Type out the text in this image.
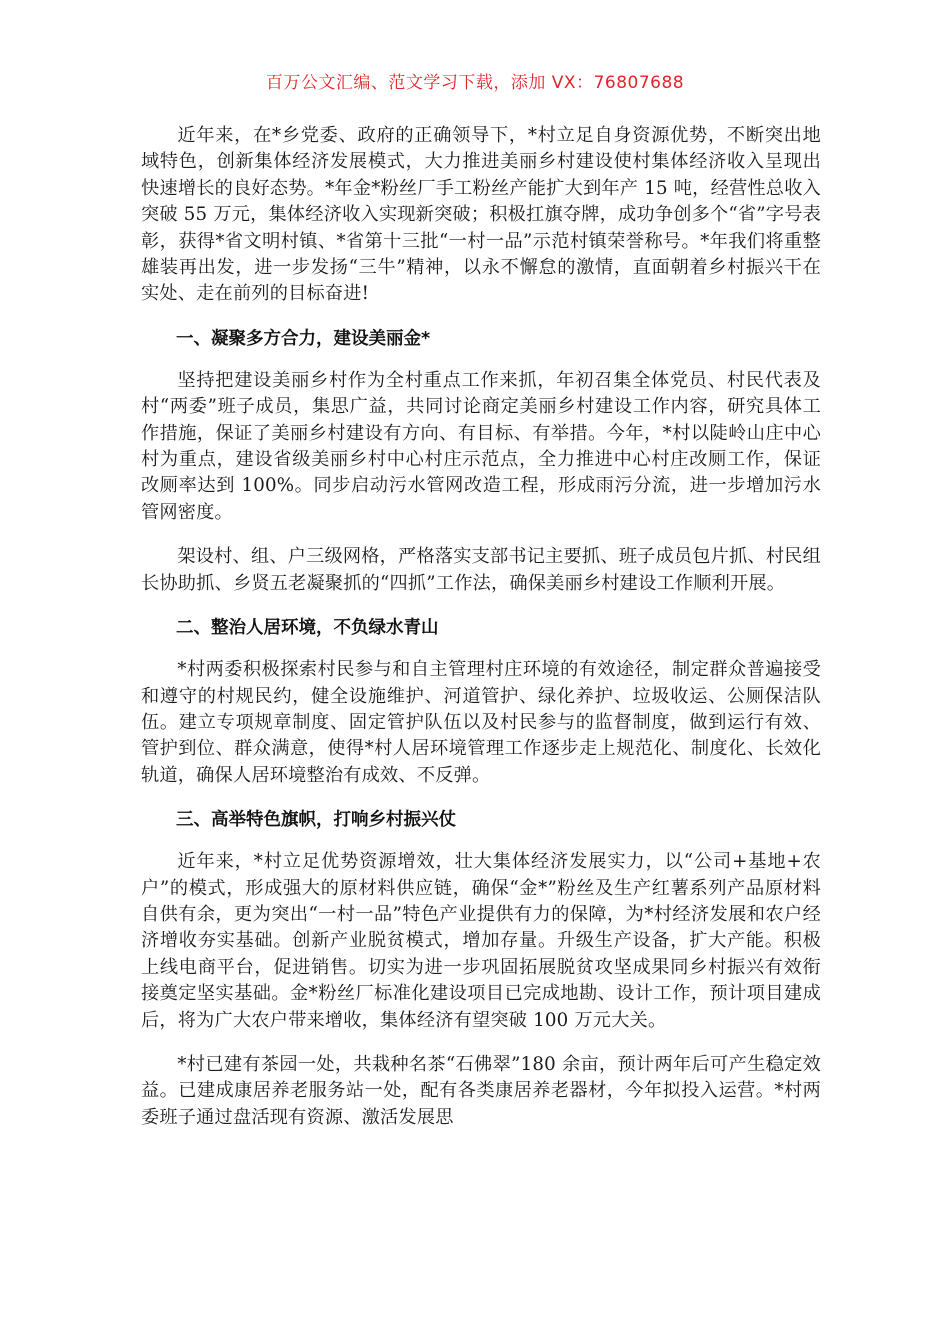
百万公文汇编、范文学习下载，添加 VX：76807688

近年来，在*乡党委、政府的正确领导下，*村立足自身资源优势，不断突出地域特色，创新集体经济发展模式，大力推进美丽乡村建设使村集体经济收入呈现出快速增长的良好态势。*年金*粉丝厂手工粉丝产能扩大到年产 15 吨，经营性总收入突破 55 万元，集体经济收入实现新突破；积极扛旗夺牌，成功争创多个“省”字号表彰，获得*省文明村镇、*省第十三批“一村一品”示范村镇荣誉称号。*年我们将重整雄装再出发，进一步发扬“三牛”精神，以永不懈怠的激情，直面朝着乡村振兴干在实处、走在前列的目标奋进!

一、凝聚多方合力，建设美丽金*

坚持把建设美丽乡村作为全村重点工作来抓，年初召集全体党员、村民代表及村“两委”班子成员，集思广益，共同讨论商定美丽乡村建设工作内容，研究具体工作措施，保证了美丽乡村建设有方向、有目标、有举措。今年，*村以陡岭山庄中心村为重点，建设省级美丽乡村中心村庄示范点，全力推进中心村庄改厕工作，保证改厕率达到 100%。同步启动污水管网改造工程，形成雨污分流，进一步增加污水管网密度。

架设村、组、户三级网格，严格落实支部书记主要抓、班子成员包片抓、村民组长协助抓、乡贤五老凝聚抓的“四抓”工作法，确保美丽乡村建设工作顺利开展。

二、整治人居环境，不负绿水青山

*村两委积极探索村民参与和自主管理村庄环境的有效途径，制定群众普遍接受和遵守的村规民约，健全设施维护、河道管护、绿化养护、垃圾收运、公厕保洁队伍。建立专项规章制度、固定管护队伍以及村民参与的监督制度，做到运行有效、管护到位、群众满意，使得*村人居环境管理工作逐步走上规范化、制度化、长效化轨道，确保人居环境整治有成效、不反弹。

三、高举特色旗帜，打响乡村振兴仗

近年来，*村立足优势资源增效，壮大集体经济发展实力，以“公司+基地+农户”的模式，形成强大的原材料供应链，确保“金*”粉丝及生产红薯系列产品原材料自供有余，更为突出“一村一品”特色产业提供有力的保障，为*村经济发展和农户经济增收夯实基础。创新产业脱贫模式，增加存量。升级生产设备，扩大产能。积极上线电商平台，促进销售。切实为进一步巩固拓展脱贫攻坚成果同乡村振兴有效衔接奠定坚实基础。金*粉丝厂标准化建设项目已完成地勘、设计工作，预计项目建成后，将为广大农户带来增收，集体经济有望突破 100 万元大关。

*村已建有茶园一处，共栽种名茶“石佛翠”180 余亩，预计两年后可产生稳定效益。已建成康居养老服务站一处，配有各类康居养老器材，今年拟投入运营。*村两委班子通过盘活现有资源、激活发展思
